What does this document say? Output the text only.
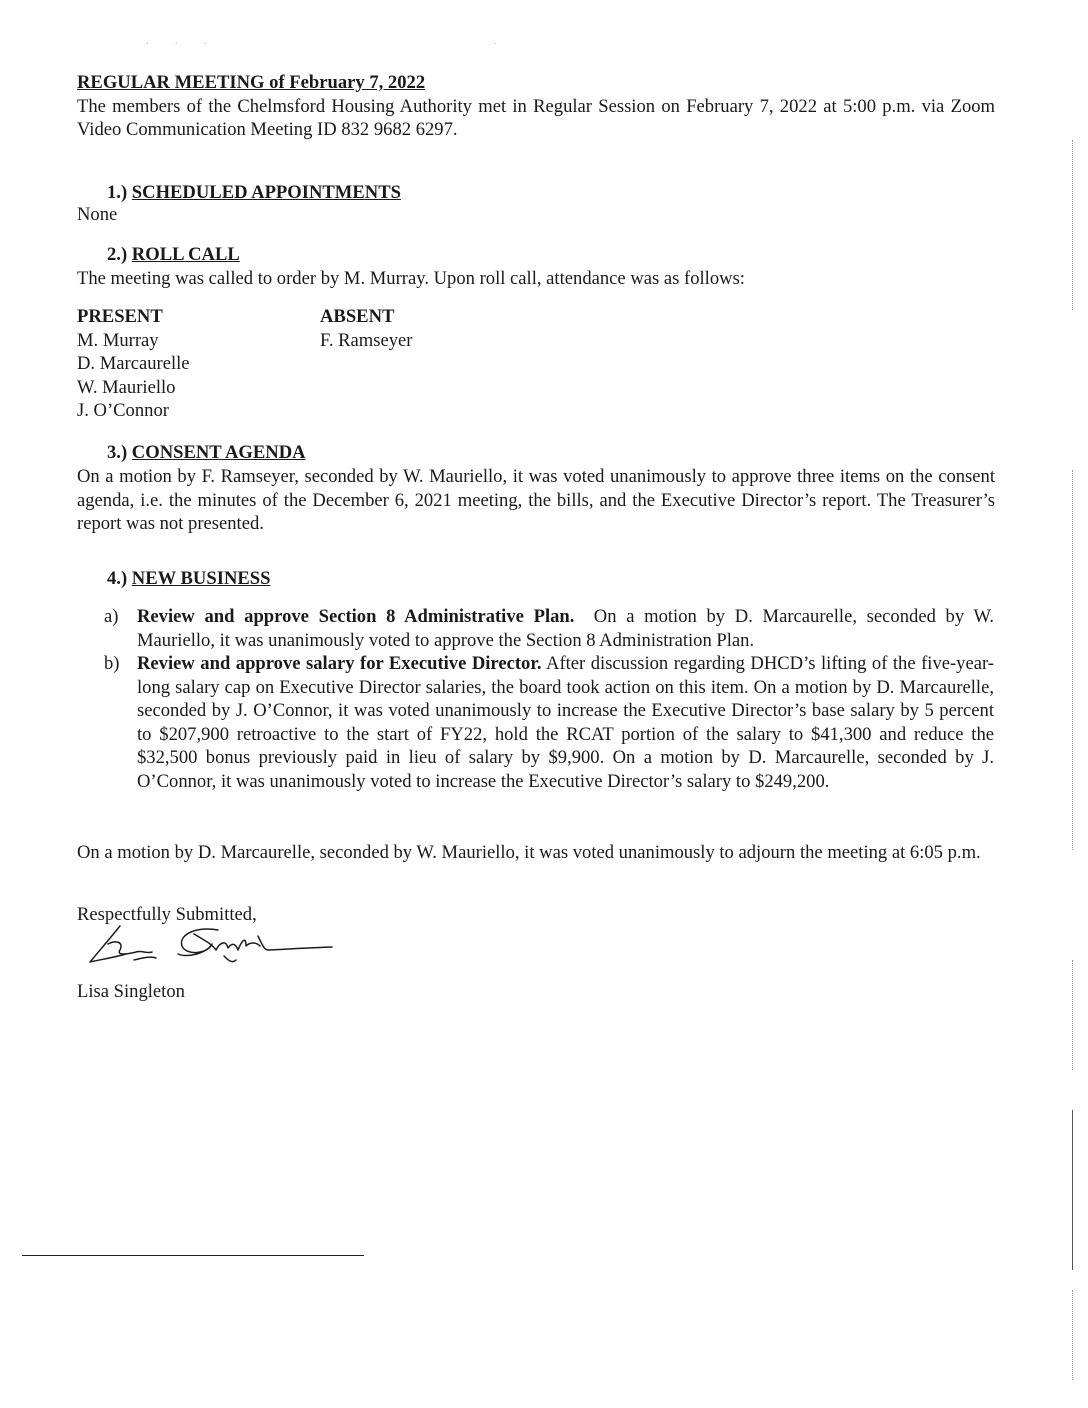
. . .                   .
REGULAR MEETING of February 7, 2022
The members of the Chelmsford Housing Authority met in Regular Session on February 7, 2022 at 5:00 p.m. via Zoom Video Communication Meeting ID 832 9682 6297.
1.) SCHEDULED APPOINTMENTS
None
2.) ROLL CALL
The meeting was called to order by M. Murray. Upon roll call, attendance was as follows:
PRESENT
M. Murray
D. Marcaurelle
W. Mauriello
J. O’Connor
ABSENT
F. Ramseyer
3.) CONSENT AGENDA
On a motion by F. Ramseyer, seconded by W. Mauriello, it was voted unanimously to approve three items on the consent agenda, i.e. the minutes of the December 6, 2021 meeting, the bills, and the Executive Director’s report. The Treasurer’s report was not presented.
4.) NEW BUSINESS
a) Review and approve Section 8 Administrative Plan. On a motion by D. Marcaurelle, seconded by W. Mauriello, it was unanimously voted to approve the Section 8 Administration Plan.
b) Review and approve salary for Executive Director. After discussion regarding DHCD’s lifting of the five-year-long salary cap on Executive Director salaries, the board took action on this item. On a motion by D. Marcaurelle, seconded by J. O’Connor, it was voted unanimously to increase the Executive Director’s base salary by 5 percent to $207,900 retroactive to the start of FY22, hold the RCAT portion of the salary to $41,300 and reduce the $32,500 bonus previously paid in lieu of salary by $9,900. On a motion by D. Marcaurelle, seconded by J. O’Connor, it was unanimously voted to increase the Executive Director’s salary to $249,200.
On a motion by D. Marcaurelle, seconded by W. Mauriello, it was voted unanimously to adjourn the meeting at 6:05 p.m.
Respectfully Submitted,
Lisa Singleton
